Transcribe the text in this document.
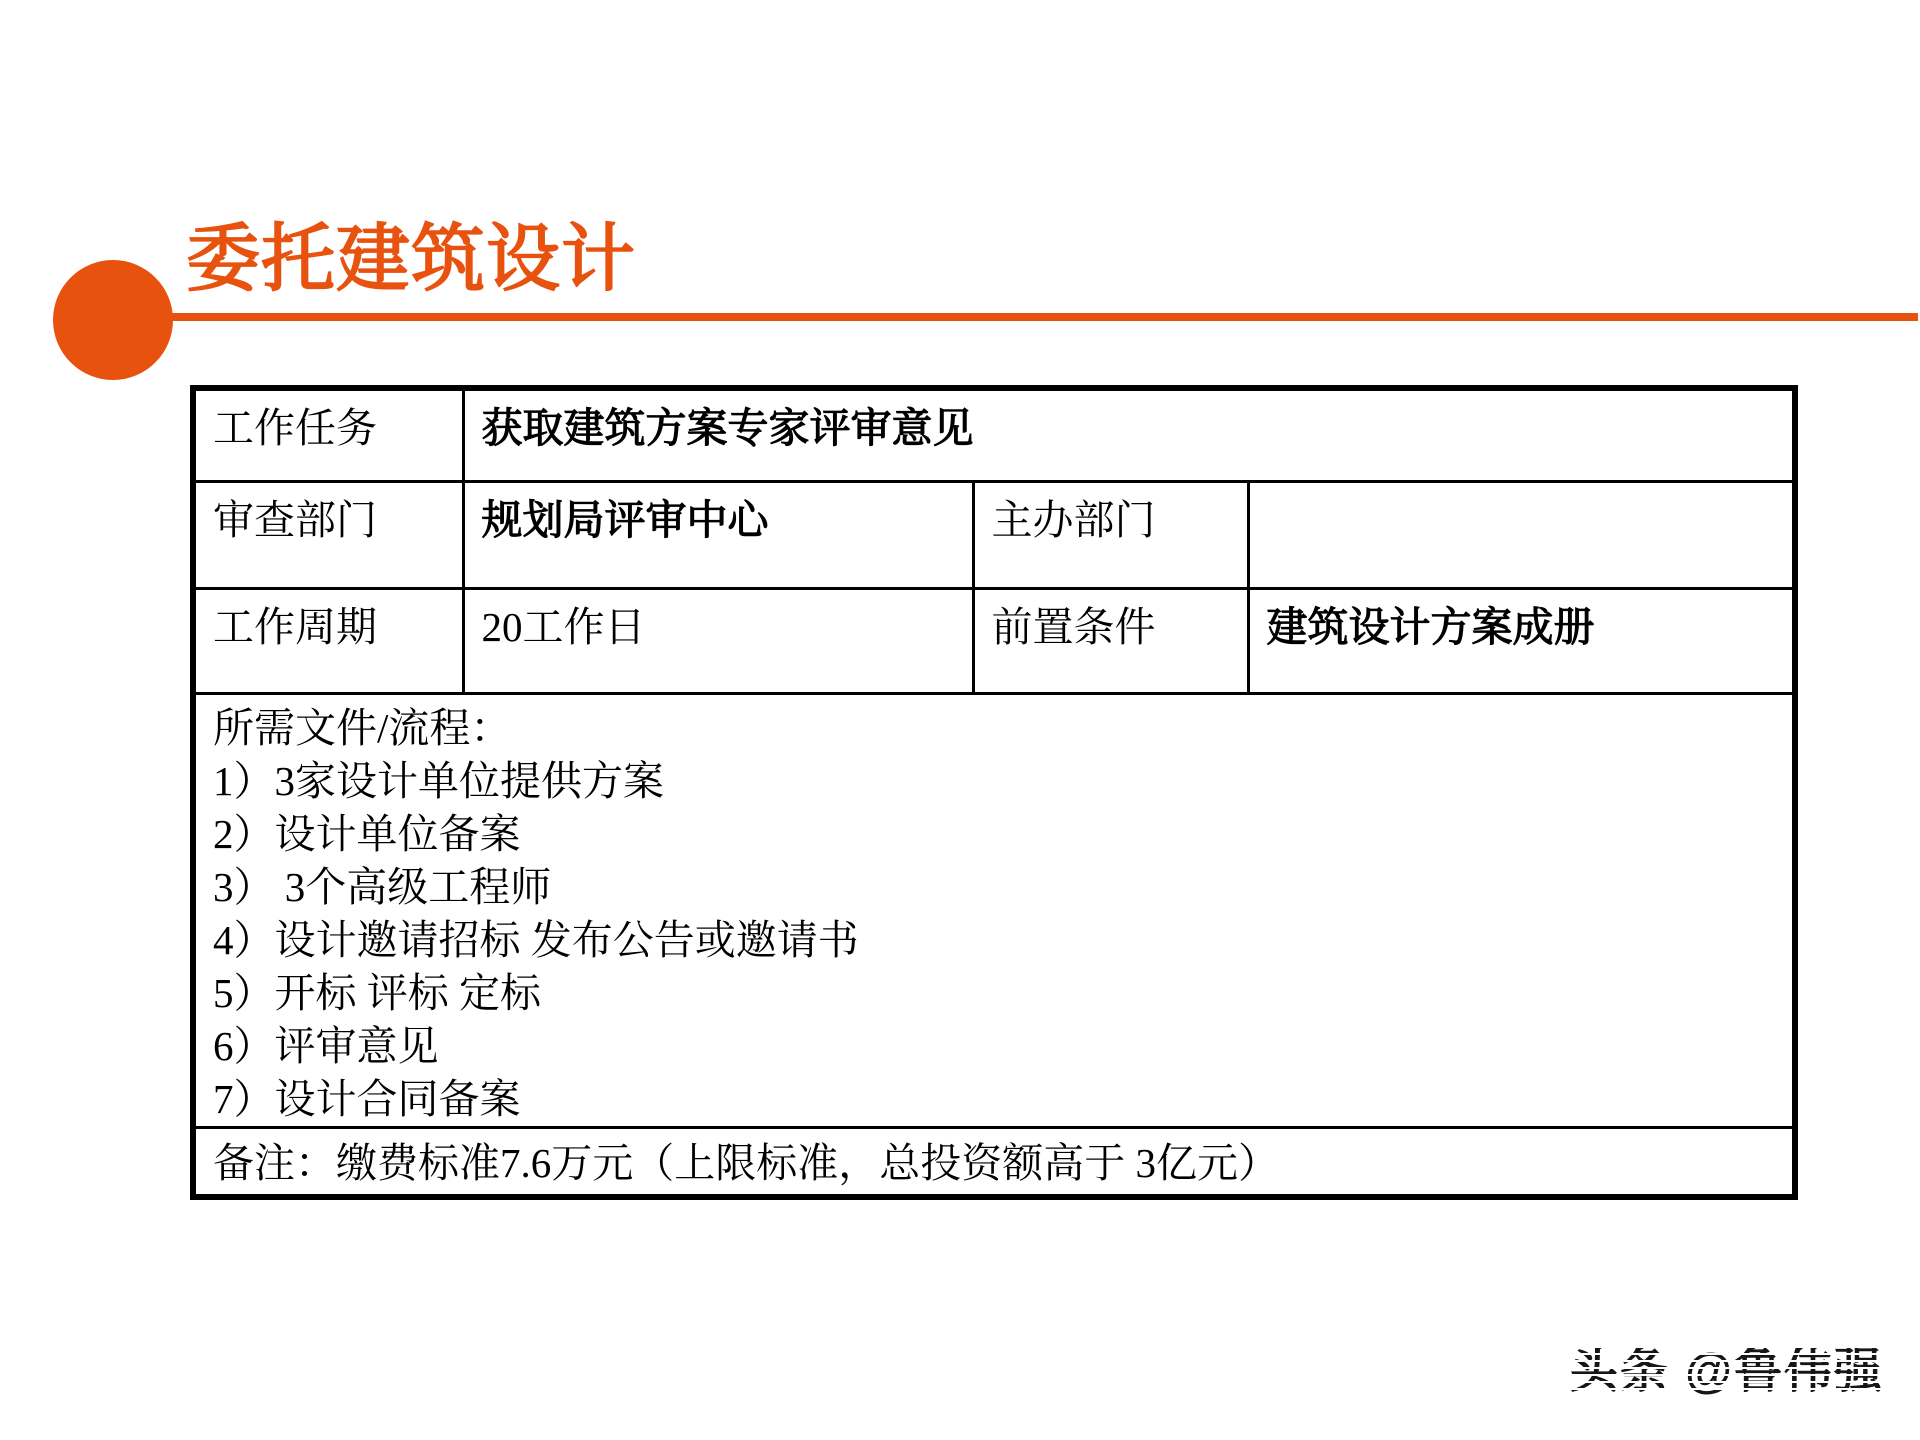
委托建筑设计
工作任务	获取建筑方案专家评审意见		
审查部门	规划局评审中心	主办部门	
工作周期	20工作日	前置条件	建筑设计方案成册

所需文件/流程：
1）3家设计单位提供方案
2）设计单位备案
3） 3个高级工程师
4）设计邀请招标 发布公告或邀请书
5）开标 评标 定标
6）评审意见
7）设计合同备案

备注：缴费标准7.6万元（上限标准，总投资额高于 3亿元）			
头条 @鲁伟强
